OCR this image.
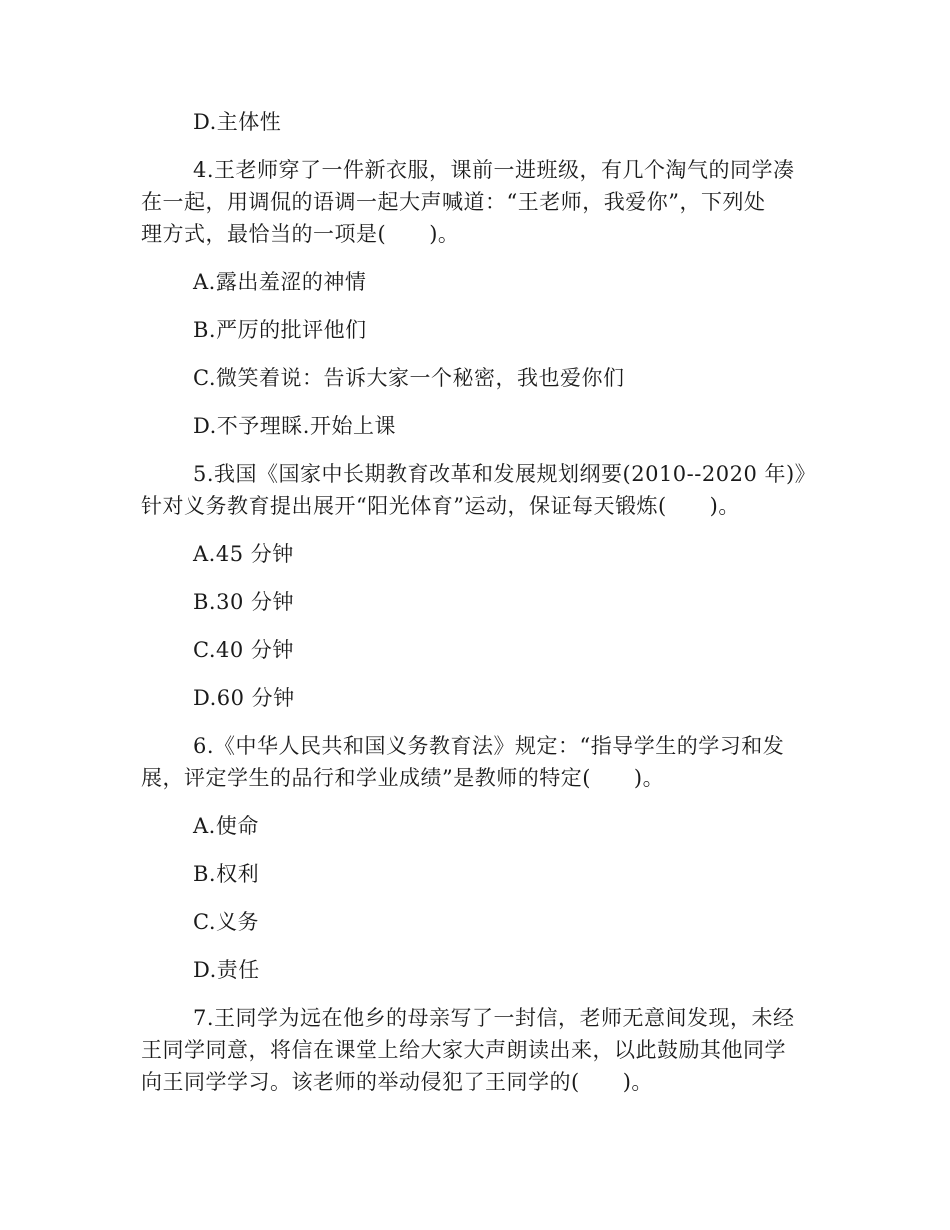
D.主体性
4.王老师穿了一件新衣服，课前一进班级，有几个淘气的同学凑
在一起，用调侃的语调一起大声喊道：“王老师，我爱你”，下列处
理方式，最恰当的一项是(　　)。
A.露出羞涩的神情
B.严厉的批评他们
C.微笑着说：告诉大家一个秘密，我也爱你们
D.不予理睬.开始上课
5.我国《国家中长期教育改革和发展规划纲要(2010--2020 年)》
针对义务教育提出展开“阳光体育”运动，保证每天锻炼(　　)。
A.45 分钟
B.30 分钟
C.40 分钟
D.60 分钟
6.《中华人民共和国义务教育法》规定：“指导学生的学习和发
展，评定学生的品行和学业成绩”是教师的特定(　　)。
A.使命
B.权利
C.义务
D.责任
7.王同学为远在他乡的母亲写了一封信，老师无意间发现，未经
王同学同意，将信在课堂上给大家大声朗读出来，以此鼓励其他同学
向王同学学习。该老师的举动侵犯了王同学的(　　)。
